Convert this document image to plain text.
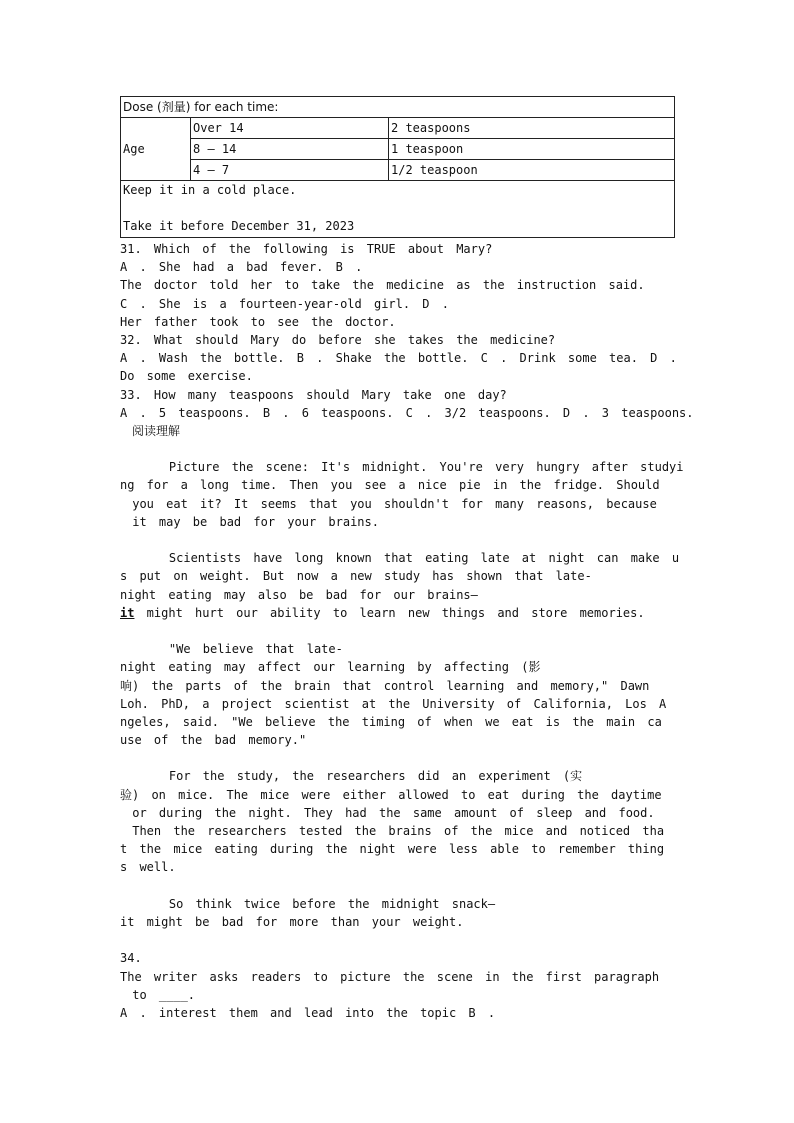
Dose (剂量) for each time:		
Age	Over 14	2 teaspoons
	8 — 14	1 teaspoon
	4 — 7	1/2 teaspoon

Keep it in a cold place.
Take it before December 31, 2023		
31. Which of the following is TRUE about Mary?
A . She had a bad fever. B .
The doctor told her to take the medicine as the instruction said.
C . She is a fourteen-year-old girl. D .
Her father took to see the doctor.
32. What should Mary do before she takes the medicine?
A . Wash the bottle. B . Shake the bottle. C . Drink some tea. D .
Do some exercise.
33. How many teaspoons should Mary take one day?
A . 5 teaspoons. B . 6 teaspoons. C . 3/2 teaspoons. D . 3 teaspoons.
阅读理解
Picture the scene: It's midnight. You're very hungry after studyi
ng for a long time. Then you see a nice pie in the fridge. Should
you eat it? It seems that you shouldn't for many reasons, because
it may be bad for your brains.
Scientists have long known that eating late at night can make u
s put on weight. But now a new study has shown that late-
night eating may also be bad for our brains—
it might hurt our ability to learn new things and store memories.
"We believe that late-
night eating may affect our learning by affecting (影
响) the parts of the brain that control learning and memory," Dawn
Loh. PhD, a project scientist at the University of California, Los A
ngeles, said. "We believe the timing of when we eat is the main ca
use of the bad memory."
For the study, the researchers did an experiment (实
验) on mice. The mice were either allowed to eat during the daytime
or during the night. They had the same amount of sleep and food.
Then the researchers tested the brains of the mice and noticed tha
t the mice eating during the night were less able to remember thing
s well.
So think twice before the midnight snack—
it might be bad for more than your weight.
34.
The writer asks readers to picture the scene in the first paragraph
to ____.
A . interest them and lead into the topic B .
